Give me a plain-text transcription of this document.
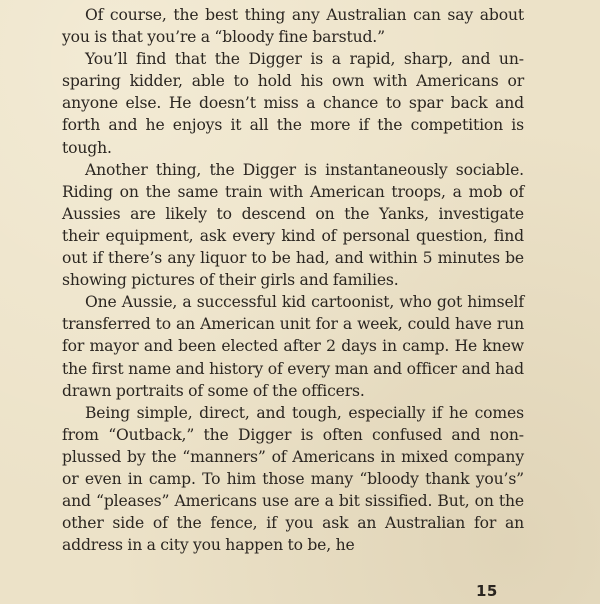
Of course, the best thing any Australian can say about you is that you’re a “bloody fine barstud.”

You’ll find that the Digger is a rapid, sharp, and unsparing kidder, able to hold his own with Americans or anyone else. He doesn’t miss a chance to spar back and forth and he enjoys it all the more if the competition is tough.

Another thing, the Digger is instantaneously sociable. Riding on the same train with American troops, a mob of Aussies are likely to descend on the Yanks, investigate their equipment, ask every kind of personal question, find out if there’s any liquor to be had, and within 5 minutes be showing pictures of their girls and families.

One Aussie, a successful kid cartoonist, who got himself transferred to an American unit for a week, could have run for mayor and been elected after 2 days in camp. He knew the first name and history of every man and officer and had drawn portraits of some of the officers.

Being simple, direct, and tough, especially if he comes from “Outback,” the Digger is often confused and nonplussed by the “manners” of Americans in mixed company or even in camp. To him those many “bloody thank you’s” and “pleases” Americans use are a bit sissified. But, on the other side of the fence, if you ask an Australian for an address in a city you happen to be, he

15
